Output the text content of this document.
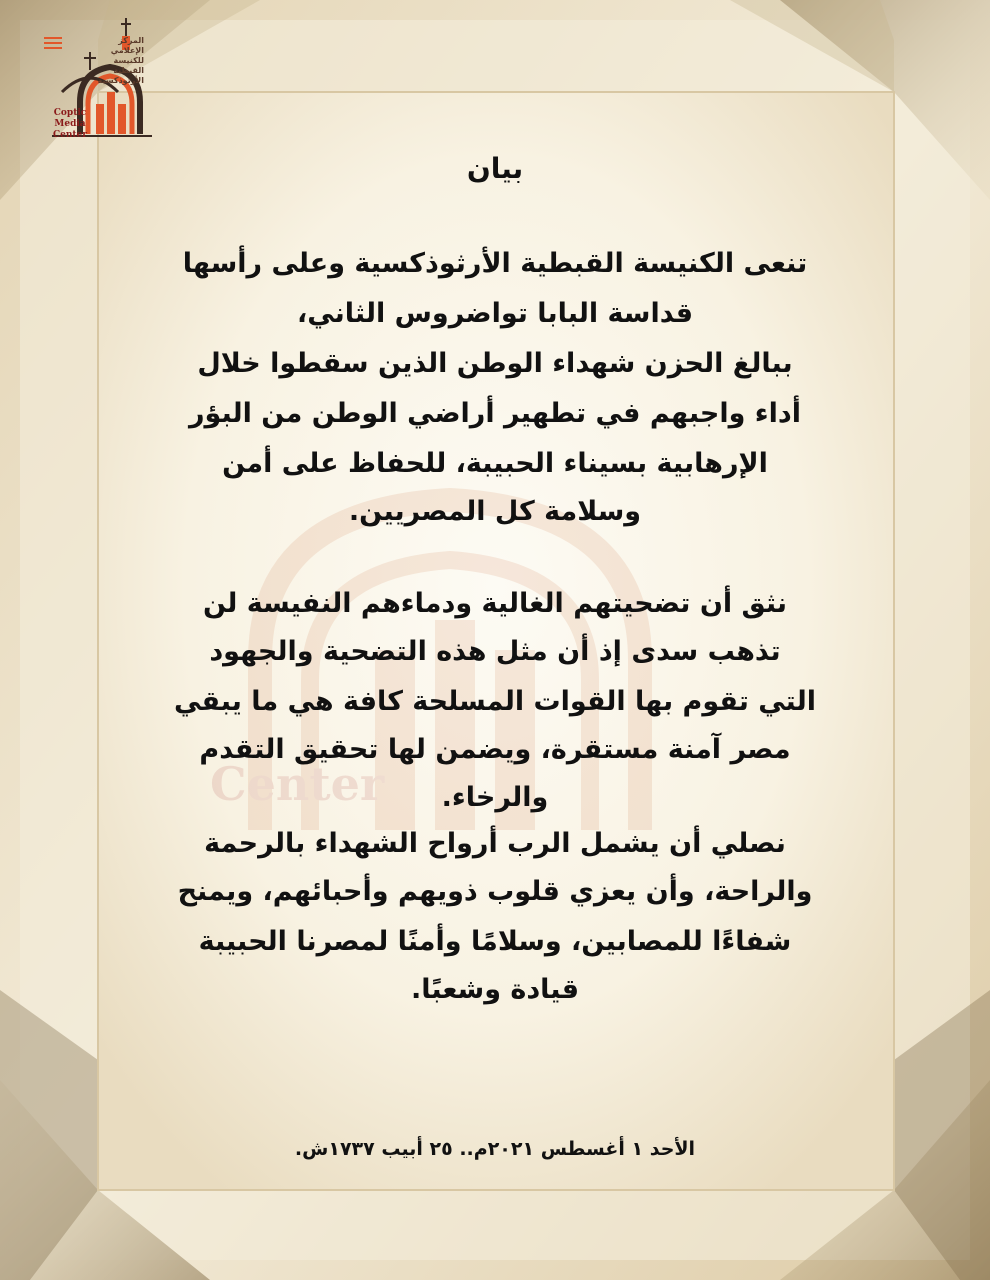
Center
المركز الإعلامي للكنيسة القبطية الأرثوذكسية
Coptic
Media
Center
بيان
تنعى الكنيسة القبطية الأرثوذكسية وعلى رأسها
قداسة البابا تواضروس الثاني،
ببالغ الحزن شهداء الوطن الذين سقطوا خلال
أداء واجبهم في تطهير أراضي الوطن من البؤر
الإرهابية بسيناء الحبيبة، للحفاظ على أمن
وسلامة كل المصريين.
نثق أن تضحيتهم الغالية ودماءهم النفيسة لن
تذهب سدى إذ أن مثل هذه التضحية والجهود
التي تقوم بها القوات المسلحة كافة هي ما يبقي
مصر آمنة مستقرة، ويضمن لها تحقيق التقدم
والرخاء.
نصلي أن يشمل الرب أرواح الشهداء بالرحمة
والراحة، وأن يعزي قلوب ذويهم وأحبائهم، ويمنح
شفاءًا للمصابين، وسلامًا وأمنًا لمصرنا الحبيبة
قيادة وشعبًا.
الأحد ١ أغسطس ٢٠٢١م.. ٢٥ أبيب ١٧٣٧ش.
